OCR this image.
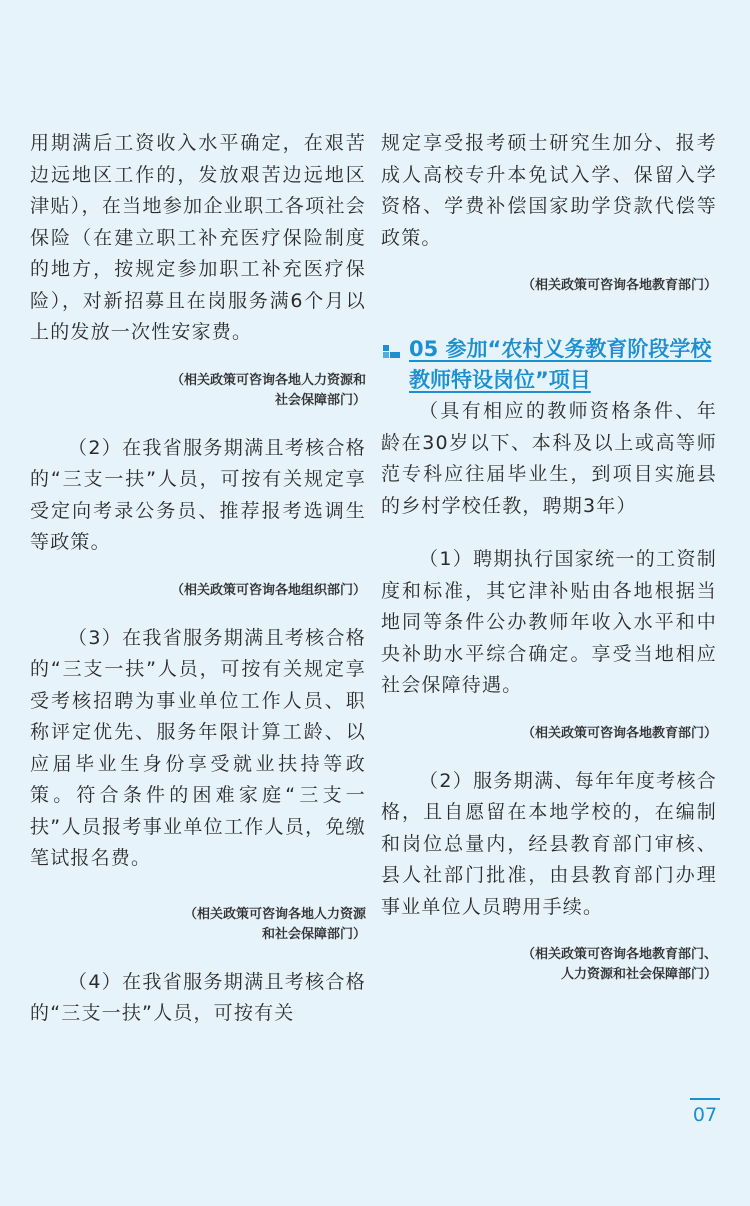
用期满后工资收入水平确定，在艰苦边远地区工作的，发放艰苦边远地区津贴），在当地参加企业职工各项社会保险（在建立职工补充医疗保险制度的地方，按规定参加职工补充医疗保险），对新招募且在岗服务满6个月以上的发放一次性安家费。

（相关政策可咨询各地人力资源和
社会保障部门）

（2）在我省服务期满且考核合格的“三支一扶”人员，可按有关规定享受定向考录公务员、推荐报考选调生等政策。

（相关政策可咨询各地组织部门）

（3）在我省服务期满且考核合格的“三支一扶”人员，可按有关规定享受考核招聘为事业单位工作人员、职称评定优先、服务年限计算工龄、以应届毕业生身份享受就业扶持等政策。符合条件的困难家庭“三支一扶”人员报考事业单位工作人员，免缴笔试报名费。

（相关政策可咨询各地人力资源
和社会保障部门）

（4）在我省服务期满且考核合格的“三支一扶”人员，可按有关

规定享受报考硕士研究生加分、报考成人高校专升本免试入学、保留入学资格、学费补偿国家助学贷款代偿等政策。

（相关政策可咨询各地教育部门）

05 参加“农村义务教育阶段学校教师特设岗位”项目

（具有相应的教师资格条件、年龄在30岁以下、本科及以上或高等师范专科应往届毕业生，到项目实施县的乡村学校任教，聘期3年）

（1）聘期执行国家统一的工资制度和标准，其它津补贴由各地根据当地同等条件公办教师年收入水平和中央补助水平综合确定。享受当地相应社会保障待遇。

（相关政策可咨询各地教育部门）

（2）服务期满、每年年度考核合格，且自愿留在本地学校的，在编制和岗位总量内，经县教育部门审核、县人社部门批准，由县教育部门办理事业单位人员聘用手续。

（相关政策可咨询各地教育部门、
人力资源和社会保障部门）

07
